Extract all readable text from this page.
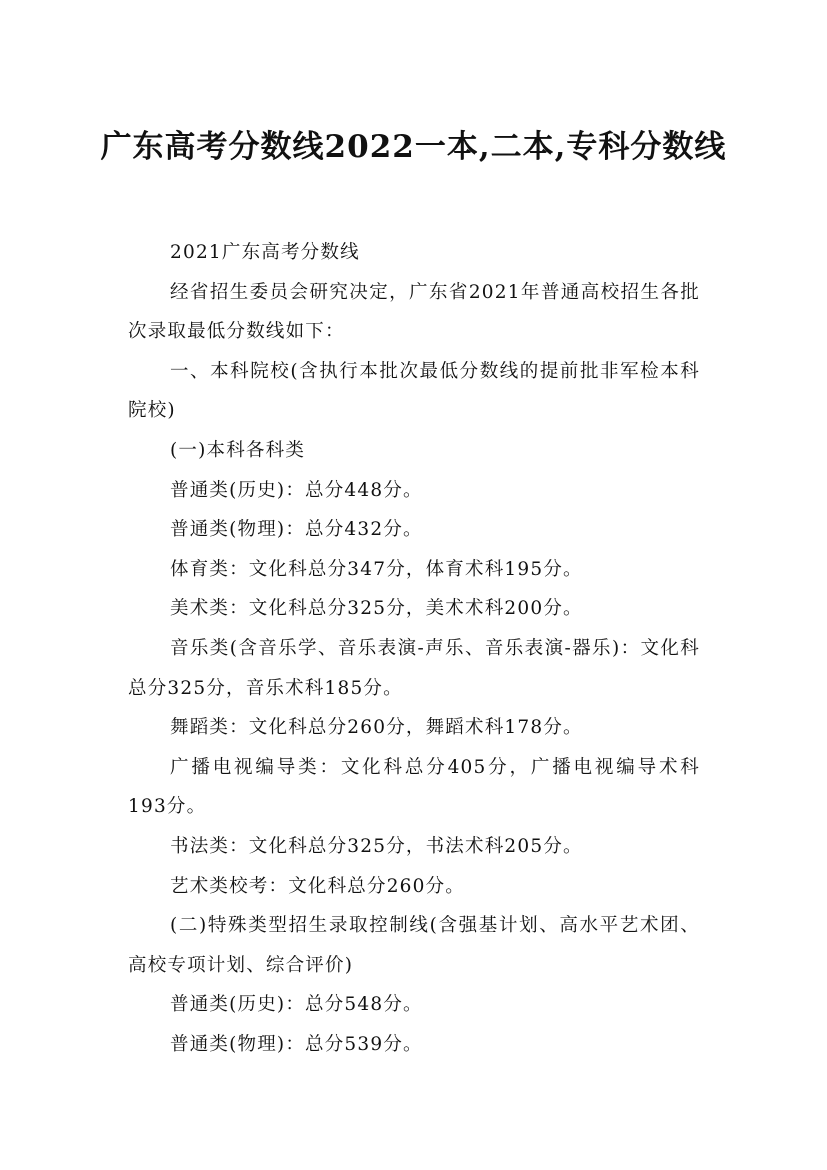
广东高考分数线2022一本,二本,专科分数线

2021广东高考分数线

经省招生委员会研究决定，广东省2021年普通高校招生各批次录取最低分数线如下：

一、本科院校(含执行本批次最低分数线的提前批非军检本科院校)

(一)本科各科类

普通类(历史)：总分448分。

普通类(物理)：总分432分。

体育类：文化科总分347分，体育术科195分。

美术类：文化科总分325分，美术术科200分。

音乐类(含音乐学、音乐表演-声乐、音乐表演-器乐)：文化科总分325分，音乐术科185分。

舞蹈类：文化科总分260分，舞蹈术科178分。

广播电视编导类：文化科总分405分，广播电视编导术科193分。

书法类：文化科总分325分，书法术科205分。

艺术类校考：文化科总分260分。

(二)特殊类型招生录取控制线(含强基计划、高水平艺术团、高校专项计划、综合评价)

普通类(历史)：总分548分。

普通类(物理)：总分539分。
